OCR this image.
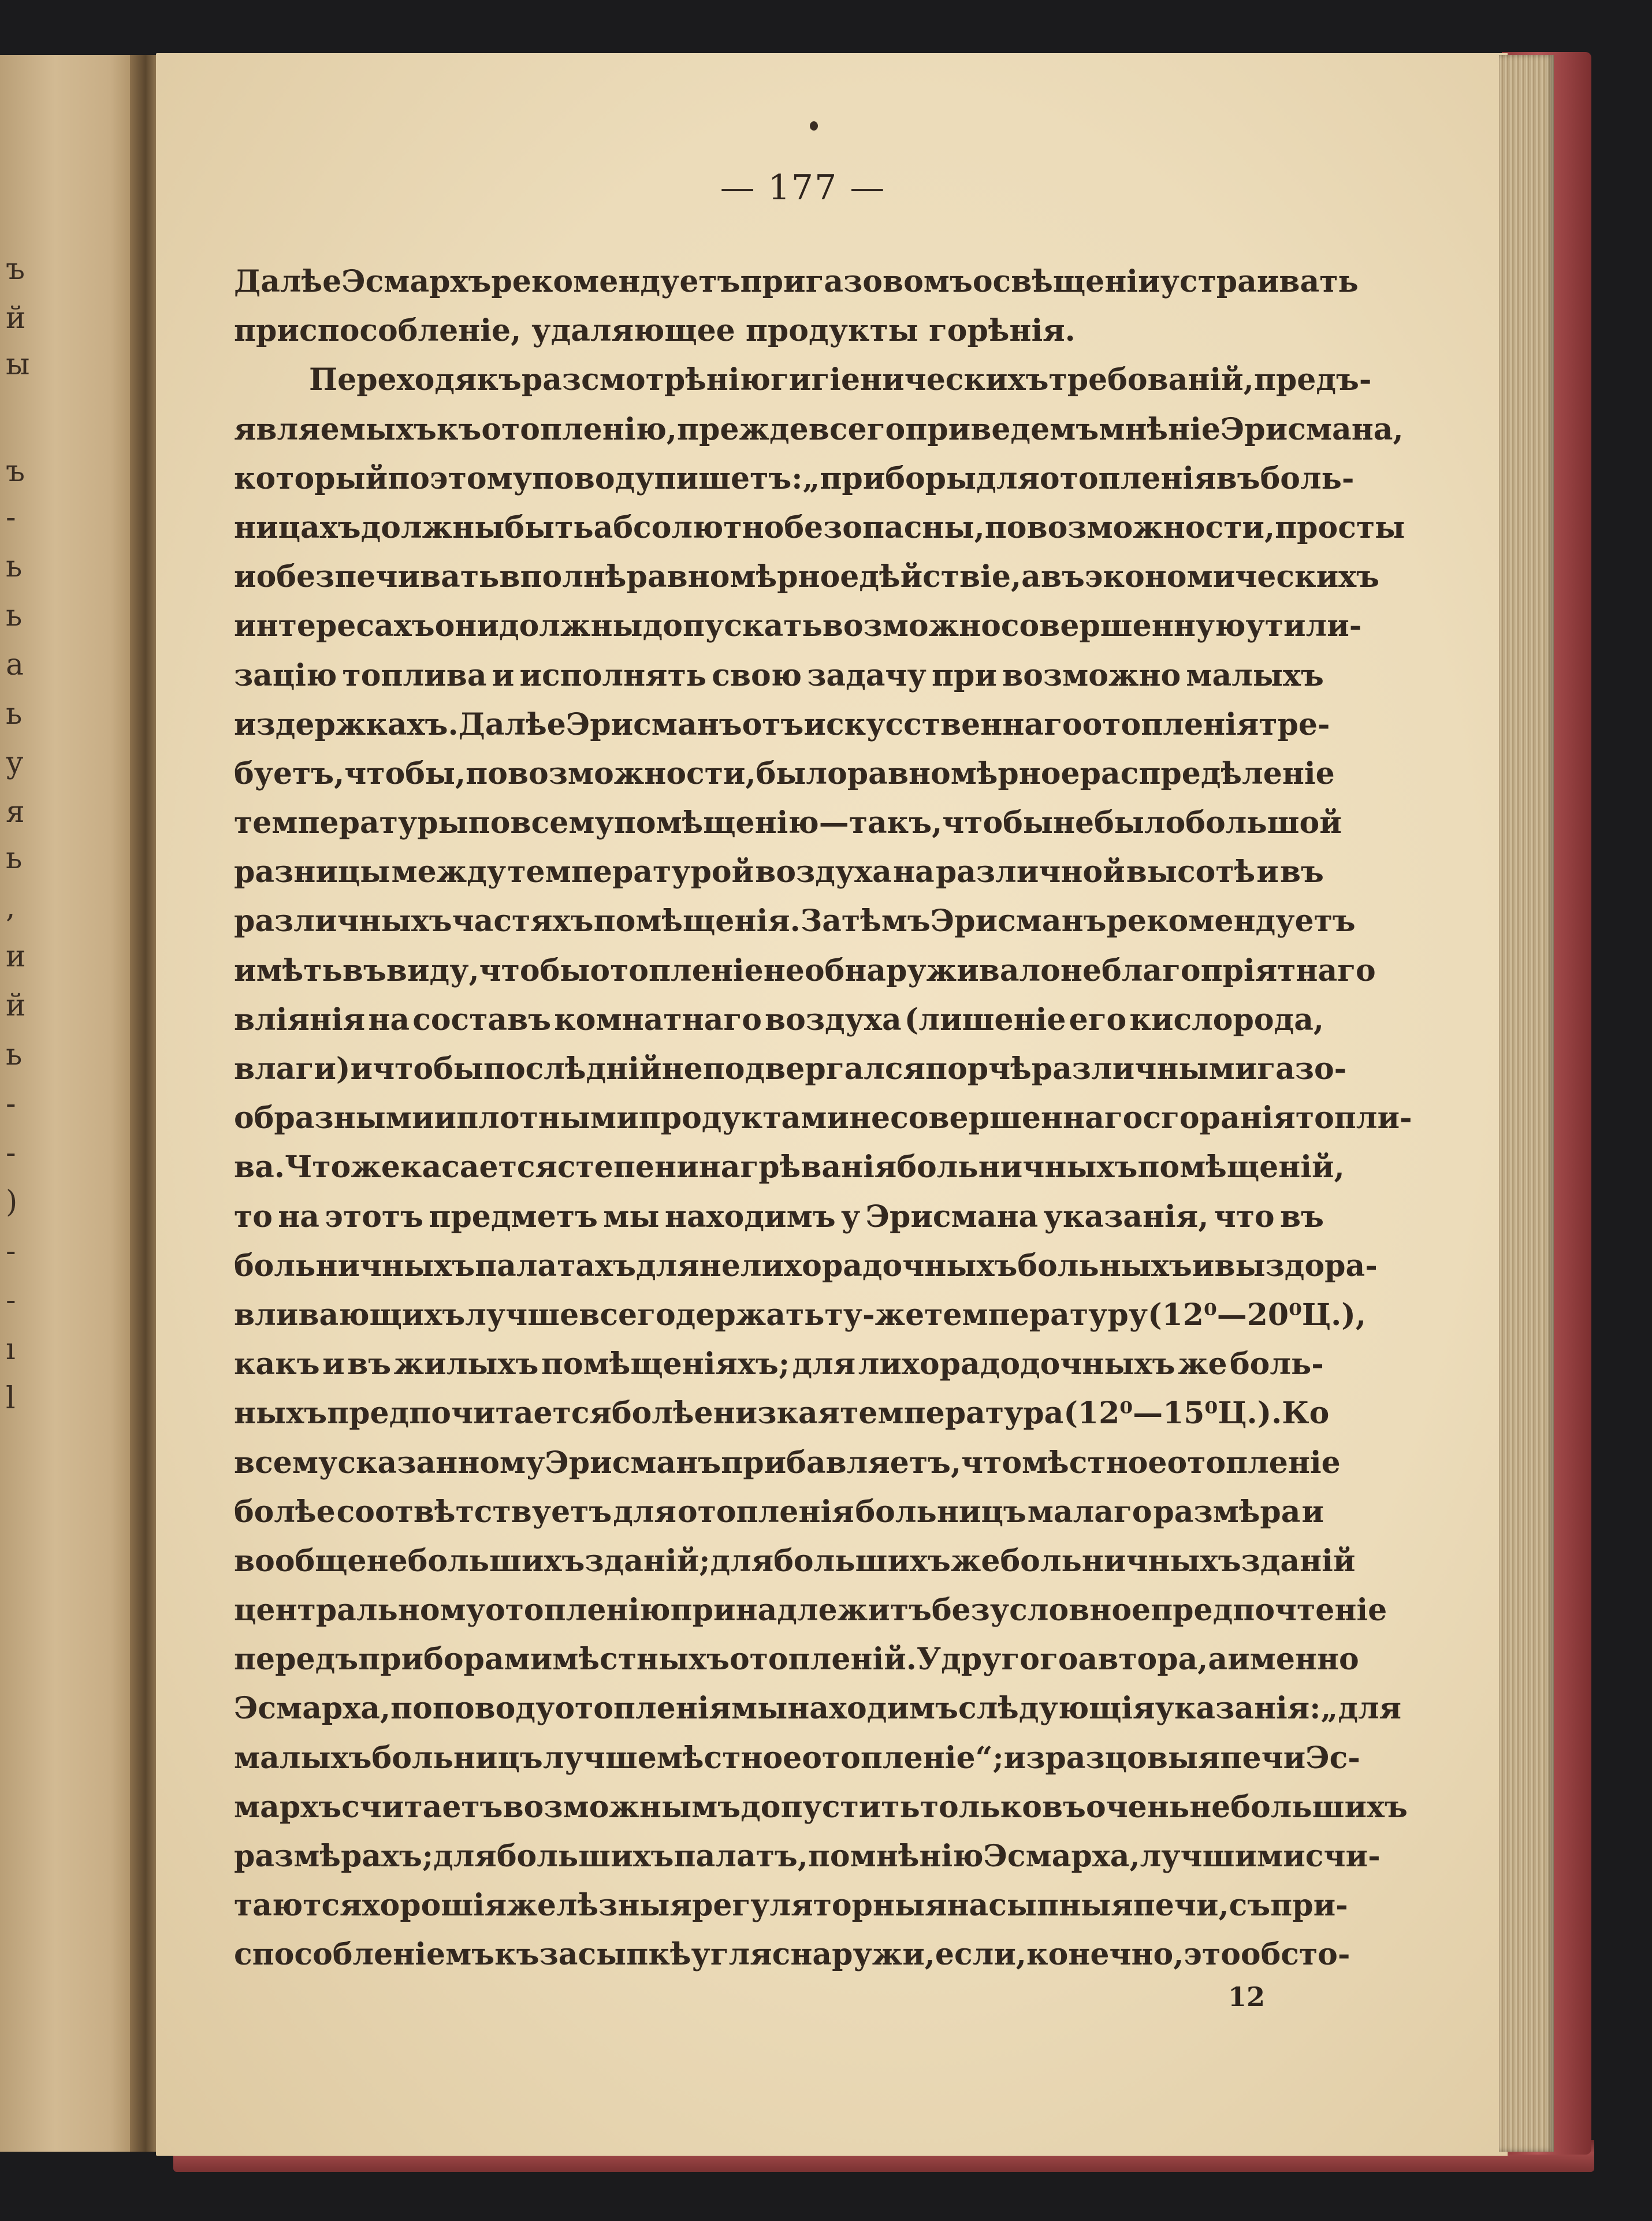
ъ
й
ы
ъ
-
ь
ь
а
ь
у
я
ь
,
и
й
ь
-
-
)
-
-
ı
l
— 177 —
Далѣе Эсмархъ рекомендуетъ при газовомъ освѣщеніи устраивать
приспособленіе, удаляющее продукты горѣнія.
Переходя къ разсмотрѣнію гигіеническихъ требованій, предъ-
являемыхъ къ отопленію, прежде всего приведемъ мнѣніе Эрисмана,
который по этому поводу пишетъ: „приборы для отопленія въ боль-
ницахъ должны быть абсолютно безопасны, по возможности, просты
и обезпечивать вполнѣ равномѣрное дѣйствіе, а въ экономическихъ
интересахъ они должны допускать возможно совершенную утили-
зацію топлива и исполнять свою задачу при возможно малыхъ
издержкахъ. Далѣе Эрисманъ отъ искусственнаго отопленія тре-
буетъ, чтобы, по возможности, было равномѣрное распредѣленіе
температуры по всему помѣщенію—такъ, чтобы не было большой
разницы между температурой воздуха на различной высотѣ и въ
различныхъ частяхъ помѣщенія. Затѣмъ Эрисманъ рекомендуетъ
имѣть въ виду, чтобы отопленіе не обнаруживало неблагопріятнаго
вліянія на составъ комнатнаго воздуха (лишеніе его кислорода,
влаги) и чтобы послѣдній не подвергался порчѣ различными газо-
образными и плотными продуктами несовершеннаго сгоранія топли-
ва. Что же касается степени нагрѣванія больничныхъ помѣщеній,
то на этотъ предметъ мы находимъ у Эрисмана указанія, что въ
больничныхъ палатахъ для нелихорадочныхъ больныхъ и выздора-
вливающихъ лучше всего держать ту-же температуру (12⁰—20⁰ Ц.),
какъ и въ жилыхъ помѣщеніяхъ; для лихорадодочныхъ же боль-
ныхъ предпочитается болѣе низкая температура (12⁰—15⁰ Ц.). Ко
всему сказанному Эрисманъ прибавляетъ, что мѣстное отопленіе
болѣе соотвѣтствуетъ для отопленія больницъ малаго размѣра и
вообще небольшихъ зданій; для большихъ же больничныхъ зданій
центральному отопленію принадлежитъ безусловное предпочтеніе
передъ приборами мѣстныхъ отопленій. У другого автора, а именно
Эсмарха, по поводу отопленія мы находимъ слѣдующія указанія: „для
малыхъ больницъ лучше мѣстное отопленіе“; изразцовыя печи Эс-
мархъ считаетъ возможнымъ допустить только въ очень небольшихъ
размѣрахъ; для большихъ палатъ, по мнѣнію Эсмарха, лучшими счи-
таются хорошія желѣзныя регуляторныя насыпныя печи, съ при-
способленіемъ къ засыпкѣ угля снаружи, если, конечно, это обсто-
12
